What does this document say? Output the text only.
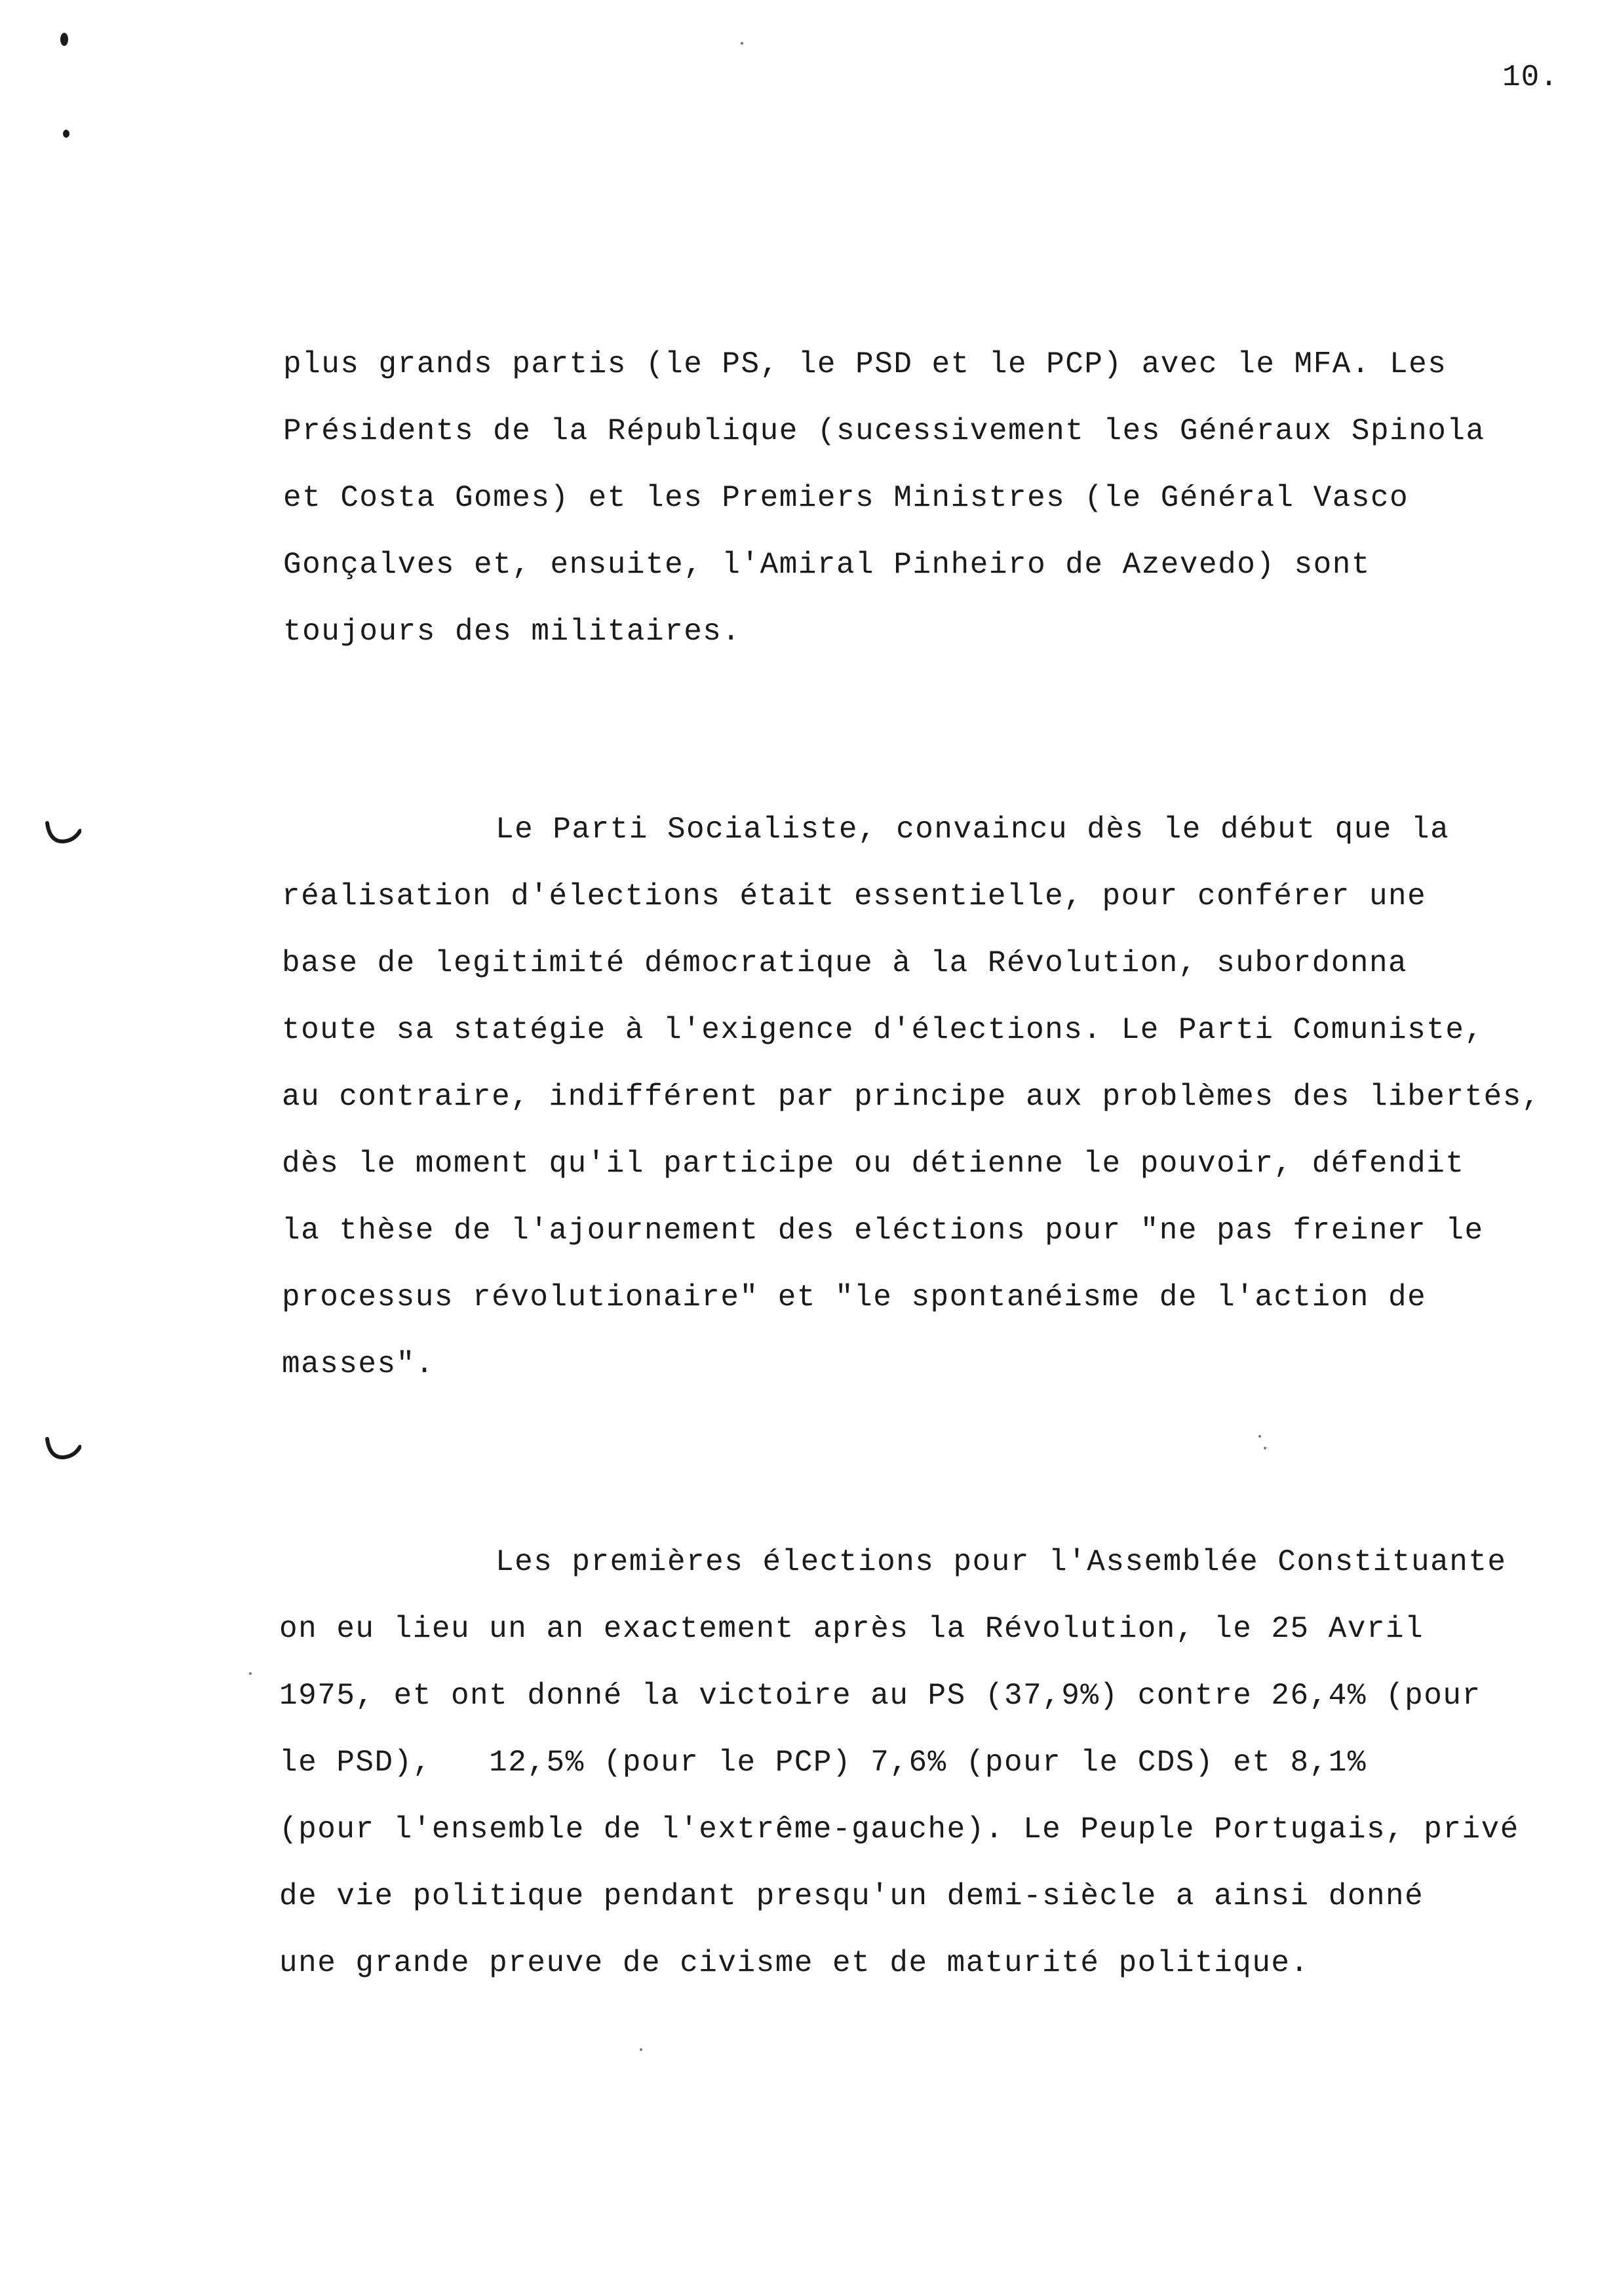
10.
plus grands partis (le PS, le PSD et le PCP) avec le MFA. Les
Présidents de la République (sucessivement les Généraux Spinola
et Costa Gomes) et les Premiers Ministres (le Général Vasco
Gonçalves et, ensuite, l'Amiral Pinheiro de Azevedo) sont
toujours des militaires.
Le Parti Socialiste, convaincu dès le début que la
réalisation d'élections était essentielle, pour conférer une
base de legitimité démocratique à la Révolution, subordonna
toute sa statégie à l'exigence d'élections. Le Parti Comuniste,
au contraire, indifférent par principe aux problèmes des libertés,
dès le moment qu'il participe ou détienne le pouvoir, défendit
la thèse de l'ajournement des eléctions pour "ne pas freiner le
processus révolutionaire" et "le spontanéisme de l'action de
masses".
Les premières élections pour l'Assemblée Constituante
on eu lieu un an exactement après la Révolution, le 25 Avril
1975, et ont donné la victoire au PS (37,9%) contre 26,4% (pour
le PSD),   12,5% (pour le PCP) 7,6% (pour le CDS) et 8,1%
(pour l'ensemble de l'extrême-gauche). Le Peuple Portugais, privé
de vie politique pendant presqu'un demi-siècle a ainsi donné
une grande preuve de civisme et de maturité politique.
